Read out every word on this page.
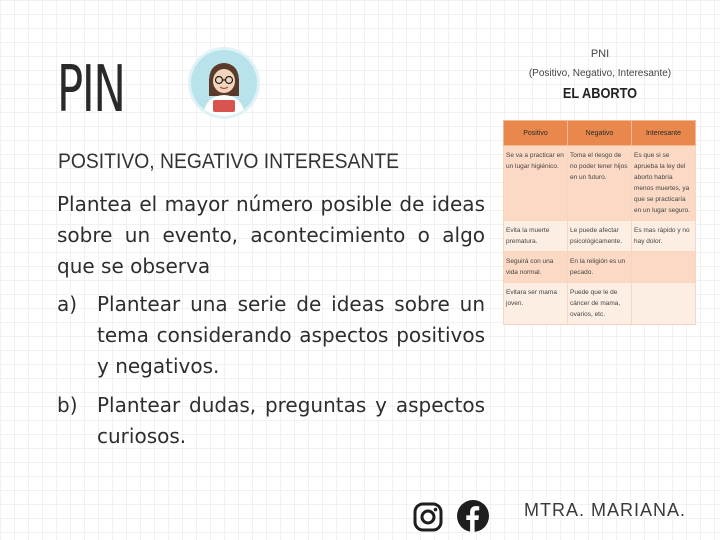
PIN
POSITIVO, NEGATIVO INTERESANTE
Plantea el mayor número posible de ideas sobre un evento, acontecimiento o algo que se observa
a) Plantear una serie de ideas sobre un tema considerando aspectos positivos y negativos.
b) Plantear dudas, preguntas y aspectos curiosos.
PNI
(Positivo, Negativo, Interesante)
EL ABORTO
Positivo	Negativo	Interesante
Se va a practicar en un lugar higiénico.	Toma el riesgo de no poder tener hijos en un futuro.	Es que si se aprueba la ley del aborto habría menos muertes, ya que se practicaría en un lugar seguro.
Evita la muerte prematura.	Le puede afectar psicológicamente.	Es mas rápido y no hay dolor.
Seguirá con una vida normal.	En la religión es un pecado.	
Evitara ser mama joven.	Puede que le de cáncer de mama, ovarios, etc.	
MTRA. MARIANA.
